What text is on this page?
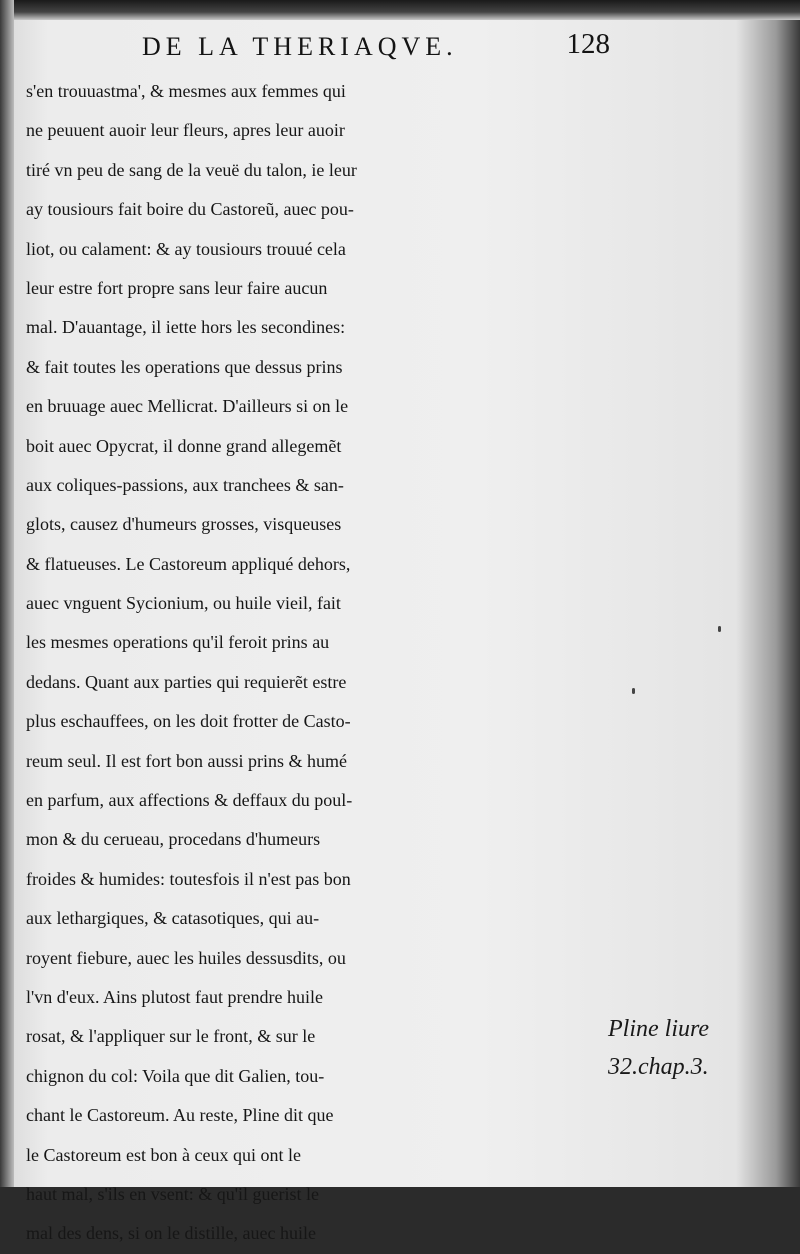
DE LA THERIAQVE.	128
s'en trouuastma', & mesmes aux femmes qui
ne peuuent auoir leur fleurs, apres leur auoir
tiré vn peu de sang de la veuë du talon, ie leur
ay tousiours fait boire du Castoreũ, auec pou-
liot, ou calament: & ay tousiours trouué cela
leur estre fort propre sans leur faire aucun
mal. D'auantage, il iette hors les secondines:
& fait toutes les operations que dessus prins
en bruuage auec Mellicrat. D'ailleurs si on le
boit auec Opycrat, il donne grand allegemẽt
aux coliques-passions, aux tranchees & san-
glots, causez d'humeurs grosses, visqueuses
& flatueuses. Le Castoreum appliqué dehors,
auec vnguent Sycionium, ou huile vieil, fait
les mesmes operations qu'il feroit prins au
dedans. Quant aux parties qui requierẽt estre
plus eschauffees, on les doit frotter de Casto-
reum seul. Il est fort bon aussi prins & humé
en parfum, aux affections & deffaux du poul-
mon & du cerueau, procedans d'humeurs
froides & humides: toutesfois il n'est pas bon
aux lethargiques, & catasotiques, qui au-
royent fiebure, auec les huiles dessusdits, ou
l'vn d'eux. Ains plutost faut prendre huile
rosat, & l'appliquer sur le front, & sur le
chignon du col: Voila que dit Galien, tou-
chant le Castoreum. Au reste, Pline dit que
le Castoreum est bon à ceux qui ont le
haut mal, s'ils en vsent: & qu'il guerist le
mal des dens, si on le distille, auec huile
Pline liure
32.chap.3.
